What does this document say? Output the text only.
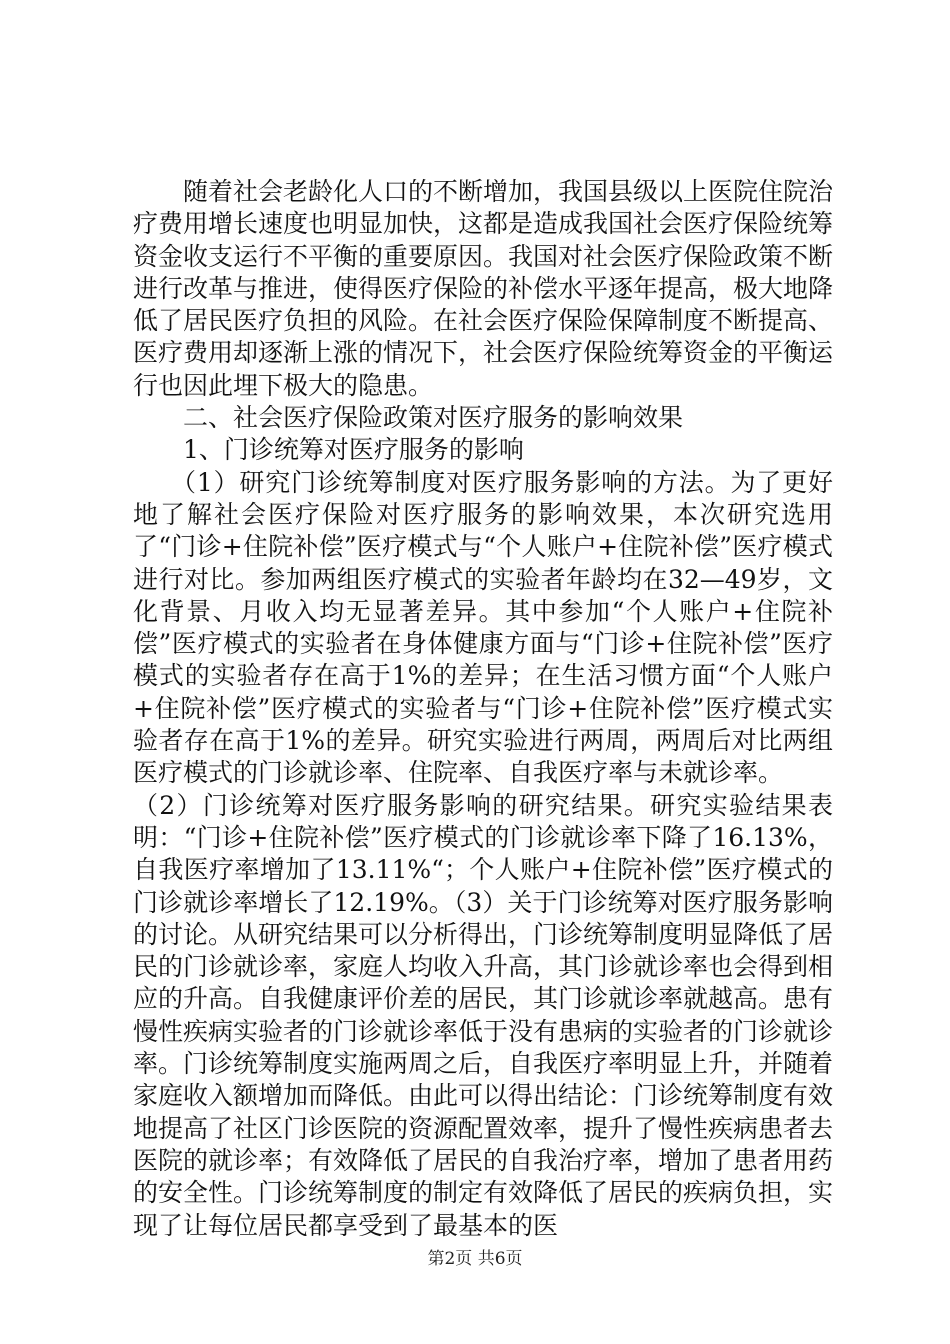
随着社会老龄化人口的不断增加，我国县级以上医院住院治疗费用增长速度也明显加快，这都是造成我国社会医疗保险统筹资金收支运行不平衡的重要原因。我国对社会医疗保险政策不断进行改革与推进，使得医疗保险的补偿水平逐年提高，极大地降低了居民医疗负担的风险。在社会医疗保险保障制度不断提高、医疗费用却逐渐上涨的情况下，社会医疗保险统筹资金的平衡运行也因此埋下极大的隐患。

二、社会医疗保险政策对医疗服务的影响效果

1、门诊统筹对医疗服务的影响

（1）研究门诊统筹制度对医疗服务影响的方法。为了更好地了解社会医疗保险对医疗服务的影响效果，本次研究选用了“门诊+住院补偿”医疗模式与“个人账户+住院补偿”医疗模式进行对比。参加两组医疗模式的实验者年龄均在32—49岁，文化背景、月收入均无显著差异。其中参加“个人账户+住院补偿”医疗模式的实验者在身体健康方面与“门诊+住院补偿”医疗模式的实验者存在高于1%的差异；在生活习惯方面“个人账户+住院补偿”医疗模式的实验者与“门诊+住院补偿”医疗模式实验者存在高于1%的差异。研究实验进行两周，两周后对比两组医疗模式的门诊就诊率、住院率、自我医疗率与未就诊率。

（2）门诊统筹对医疗服务影响的研究结果。研究实验结果表明：“门诊+住院补偿”医疗模式的门诊就诊率下降了16.13%，自我医疗率增加了13.11%“；个人账户+住院补偿”医疗模式的门诊就诊率增长了12.19%。（3）关于门诊统筹对医疗服务影响的讨论。从研究结果可以分析得出，门诊统筹制度明显降低了居民的门诊就诊率，家庭人均收入升高，其门诊就诊率也会得到相应的升高。自我健康评价差的居民，其门诊就诊率就越高。患有慢性疾病实验者的门诊就诊率低于没有患病的实验者的门诊就诊率。门诊统筹制度实施两周之后，自我医疗率明显上升，并随着家庭收入额增加而降低。由此可以得出结论：门诊统筹制度有效地提高了社区门诊医院的资源配置效率，提升了慢性疾病患者去医院的就诊率；有效降低了居民的自我治疗率，增加了患者用药的安全性。门诊统筹制度的制定有效降低了居民的疾病负担，实现了让每位居民都享受到了最基本的医

第2页 共6页
